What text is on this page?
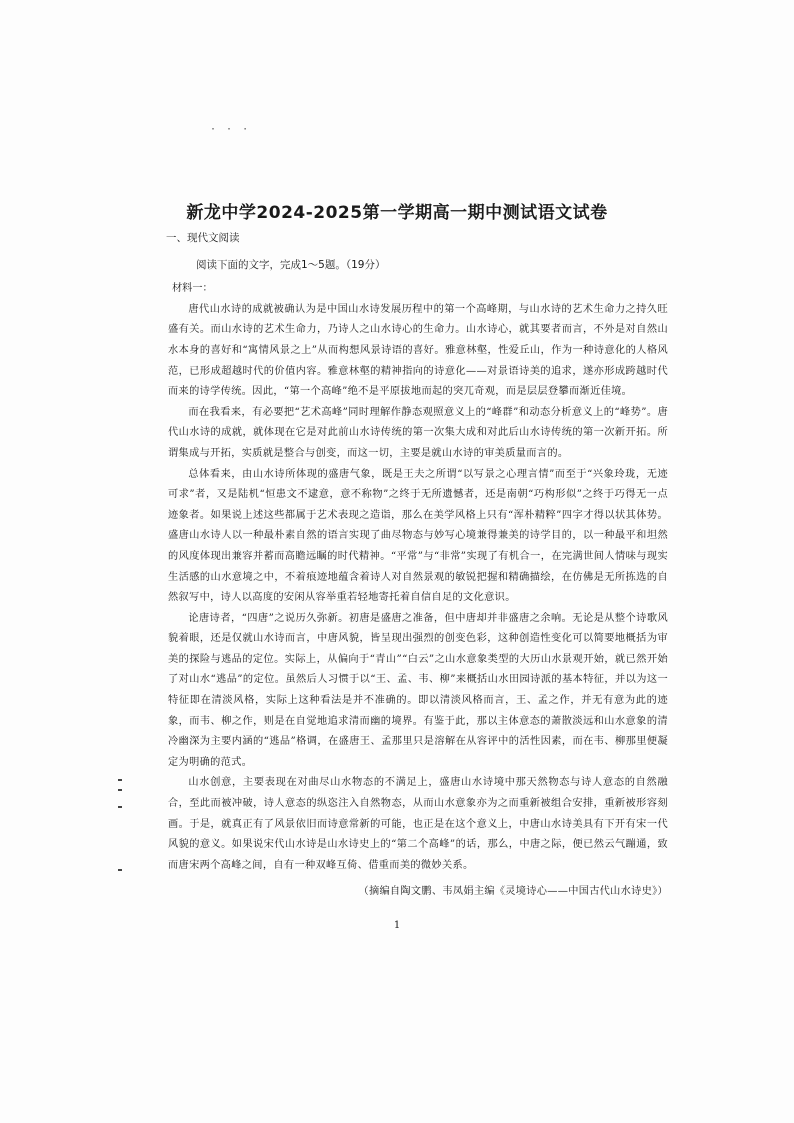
· · ·
新龙中学2024-2025第一学期高一期中测试语文试卷
一、现代文阅读
阅读下面的文字，完成1～5题。（19分）
材料一：

唐代山水诗的成就被确认为是中国山水诗发展历程中的第一个高峰期，与山水诗的艺术生命力之持久旺盛有关。而山水诗的艺术生命力，乃诗人之山水诗心的生命力。山水诗心，就其要者而言，不外是对自然山水本身的喜好和“寓情风景之上”从而构想风景诗语的喜好。雅意林壑，性爱丘山，作为一种诗意化的人格风范，已形成超越时代的价值内容。雅意林壑的精神指向的诗意化——对景语诗美的追求，遂亦形成跨越时代而来的诗学传统。因此，“第一个高峰”绝不是平原拔地而起的突兀奇观，而是层层登攀而渐近佳境。

而在我看来，有必要把“艺术高峰”同时理解作静态观照意义上的“峰群”和动态分析意义上的“峰势”。唐代山水诗的成就，就体现在它是对此前山水诗传统的第一次集大成和对此后山水诗传统的第一次新开拓。所谓集成与开拓，实质就是整合与创变，而这一切，主要是就山水诗的审美质量而言的。

总体看来，由山水诗所体现的盛唐气象，既是王夫之所谓“以写景之心理言情”而至于“兴象玲珑，无迹可求”者，又是陆机“恒患文不逮意，意不称物”之终于无所遗憾者，还是南朝“巧构形似”之终于巧得无一点迹象者。如果说上述这些都属于艺术表现之造诣，那么在美学风格上只有“浑朴精粹”四字才得以状其体势。盛唐山水诗人以一种最朴素自然的语言实现了曲尽物态与妙写心境兼得兼美的诗学目的，以一种最平和坦然的风度体现出兼容并蓄而高瞻远瞩的时代精神。“平常”与“非常”实现了有机合一，在完满世间人情味与现实生活感的山水意境之中，不着痕迹地蕴含着诗人对自然景观的敏锐把握和精确描绘，在仿佛是无所拣选的自然叙写中，诗人以高度的安闲从容举重若轻地寄托着自信自足的文化意识。

论唐诗者，“四唐”之说历久弥新。初唐是盛唐之准备，但中唐却并非盛唐之余响。无论是从整个诗歌风貌着眼，还是仅就山水诗而言，中唐风貌，皆呈现出强烈的创变色彩，这种创造性变化可以简要地概括为审美的探险与逃品的定位。实际上，从偏向于“青山”“白云”之山水意象类型的大历山水景观开始，就已然开始了对山水“逃品”的定位。虽然后人习惯于以“王、孟、韦、柳”来概括山水田园诗派的基本特征，并以为这一特征即在清淡风格，实际上这种看法是并不准确的。即以清淡风格而言，王、孟之作，并无有意为此的迹象，而韦、柳之作，则是在自觉地追求清而幽的境界。有鉴于此，那以主体意态的萧散淡远和山水意象的清冷幽深为主要内涵的“逃品”格调，在盛唐王、孟那里只是溶解在从容评中的活性因素，而在韦、柳那里便凝定为明确的范式。

山水创意，主要表现在对曲尽山水物态的不满足上，盛唐山水诗境中那天然物态与诗人意态的自然融合，至此而被冲破，诗人意态的纵恣注入自然物态，从而山水意象亦为之而重新被组合安排，重新被形容刻画。于是，就真正有了风景依旧而诗意常新的可能，也正是在这个意义上，中唐山水诗美具有下开有宋一代风貌的意义。如果说宋代山水诗是山水诗史上的“第二个高峰”的话，那么，中唐之际，便已然云气蹦通，致而唐宋两个高峰之间，自有一种双峰互倚、借重而美的微妙关系。

（摘编自陶文鹏、韦凤娟主编《灵境诗心——中国古代山水诗史》）
1
